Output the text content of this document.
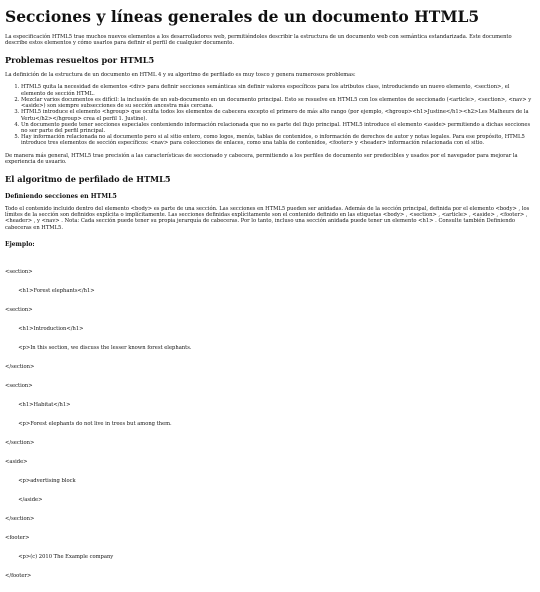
Secciones y líneas generales de un documento HTML5

La especificación HTML5 trae muchos nuevos elementos a los desarrolladores web, permitiéndoles describir la estructura de un documento web con semántica estandarizada. Este documento describe estos elementos y cómo usarlos para definir el perfil de cualquier documento.

Problemas resueltos por HTML5

La definición de la estructura de un documento en HTML 4 y su algoritmo de perfilado es muy tosco y genera numerosos problemas:

1. HTML5 quita la necesidad de elementos <div> para definir secciones semánticas sin definir valores específicos para los atributos class, introduciendo un nuevo elemento, <section>, el elemento de sección HTML.
2. Mezclar varios documentos es difícil: la inclusión de un sub-documento en un documento principal. Esto se resuelve en HTML5 con los elementos de seccionado (<article>, <section>, <nav> y <aside>) son siempre subsecciones de su sección ancestra más cercana.
3. HTML5 introduce el elemento <hgroup> que oculta todos los elementos de cabecera excepto el primero de más alto rango (por ejemplo, <hgroup><h1>Justine</h1><h2>Les Malheurs de la Vertu</h2></hgroup> crea el perfil 1. Justine).
4. Un documento puede tener secciones especiales conteniendo información relacionada que no es parte del flujo principal. HTML5 introduce el elemento <aside> permitiendo a dichas secciones no ser parte del perfil principal.
5. Hay información relacionada no al documento pero si al sitio entero, como logos, menús, tablas de contenidos, o información de derechos de autor y notas legales. Para ese propósito, HTML5 introduce tres elementos de sección específicos: <nav> para colecciones de enlaces, como una tabla de contenidos, <footer> y <header> información relacionada con el sitio.

De manera más general, HTML5 trae precisión a las características de seccionado y cabecera, permitiendo a los perfiles de documento ser predecibles y usados por el navegador para mejorar la experiencia de usuario.

El algoritmo de perfilado de HTML5
Definiendo secciones en HTML5

Todo el contenido incluido dentro del elemento <body> es parte de una sección. Las secciones en HTML5 pueden ser anidadas. Además de la sección principal, definida por el elemento <body> , los límites de la sección son definidos explícita o implícitamente. Las secciones definidas explícitamente son el contenido definido en las etiquetas <body> , <section> , <article> , <aside> , <footer> , <header> , y <nav> . Nota: Cada sección puede tener su propia jerarquía de cabeceras. Por lo tanto, incluso una sección anidada puede tener un elemento <h1> . Consulte también Definiendo cabeceras en HTML5.

Ejemplo:

<section>

<h1>Forest elephants</h1>

<section>

<h1>Introduction</h1>

<p>In this section, we discuss the lesser known forest elephants.

</section>

<section>

<h1>Habitat</h1>

<p>Forest elephants do not live in trees but among them.

</section>

<aside>

<p>advertising block

</aside>

</section>

<footer>

<p>(c) 2010 The Example company

</footer>
